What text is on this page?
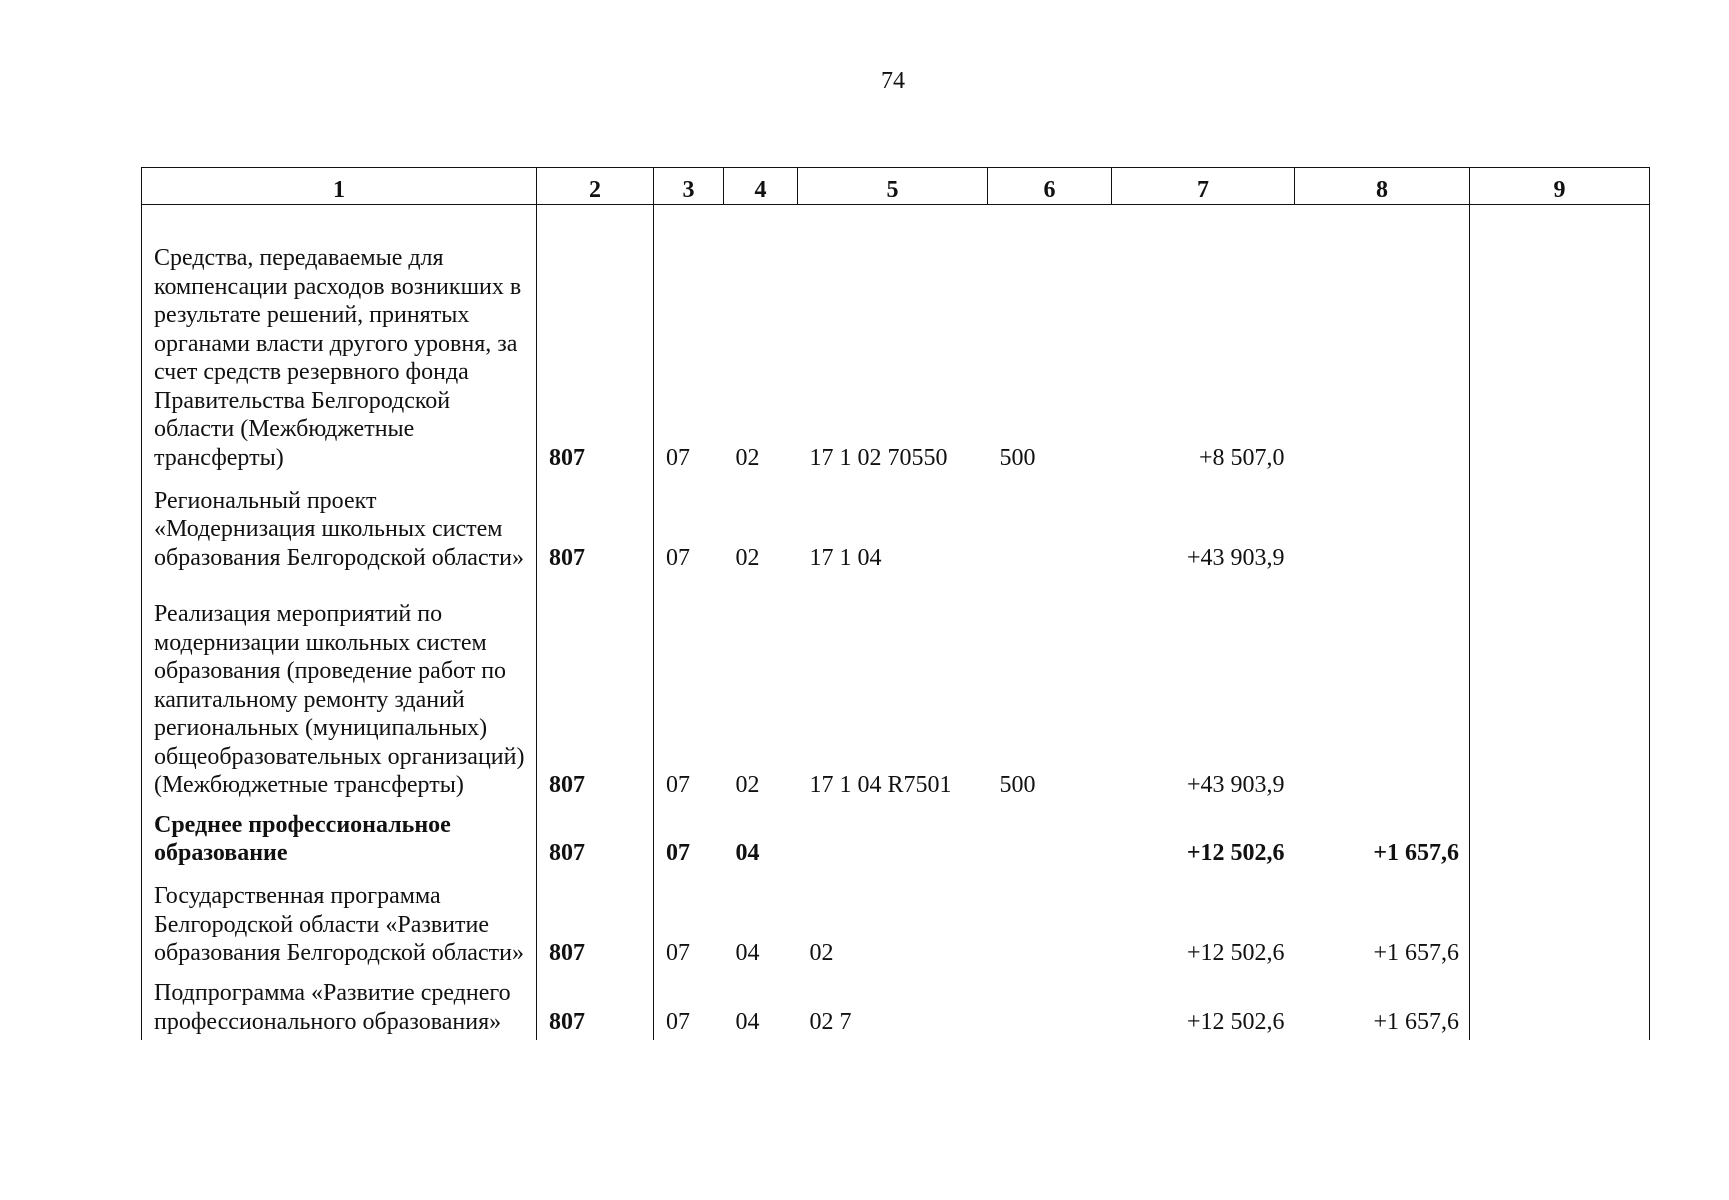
74
1	2	3	4	5	6	7	8	9

Средства, передаваемые для компенсации расходов возникших в результате решений, принятых органами власти другого уровня, за счет средств резервного фонда Правительства Белгородской области (Межбюджетные трансферты)	807	07	02	17 1 02 70550	500	+8 507,0		
Региональный проект «Модернизация школьных систем образования Белгородской области»	807	07	02	17 1 04		+43 903,9		
Реализация мероприятий по модернизации школьных систем образования (проведение работ по капитальному ремонту зданий региональных (муниципальных) общеобразовательных организаций) (Межбюджетные трансферты)	807	07	02	17 1 04 R7501	500	+43 903,9		
Среднее профессиональное образование	807	07	04			+12 502,6	+1 657,6	
Государственная программа Белгородской области «Развитие образования Белгородской области»	807	07	04	02		+12 502,6	+1 657,6	
Подпрограмма «Развитие среднего профессионального образования»	807	07	04	02 7		+12 502,6	+1 657,6	
